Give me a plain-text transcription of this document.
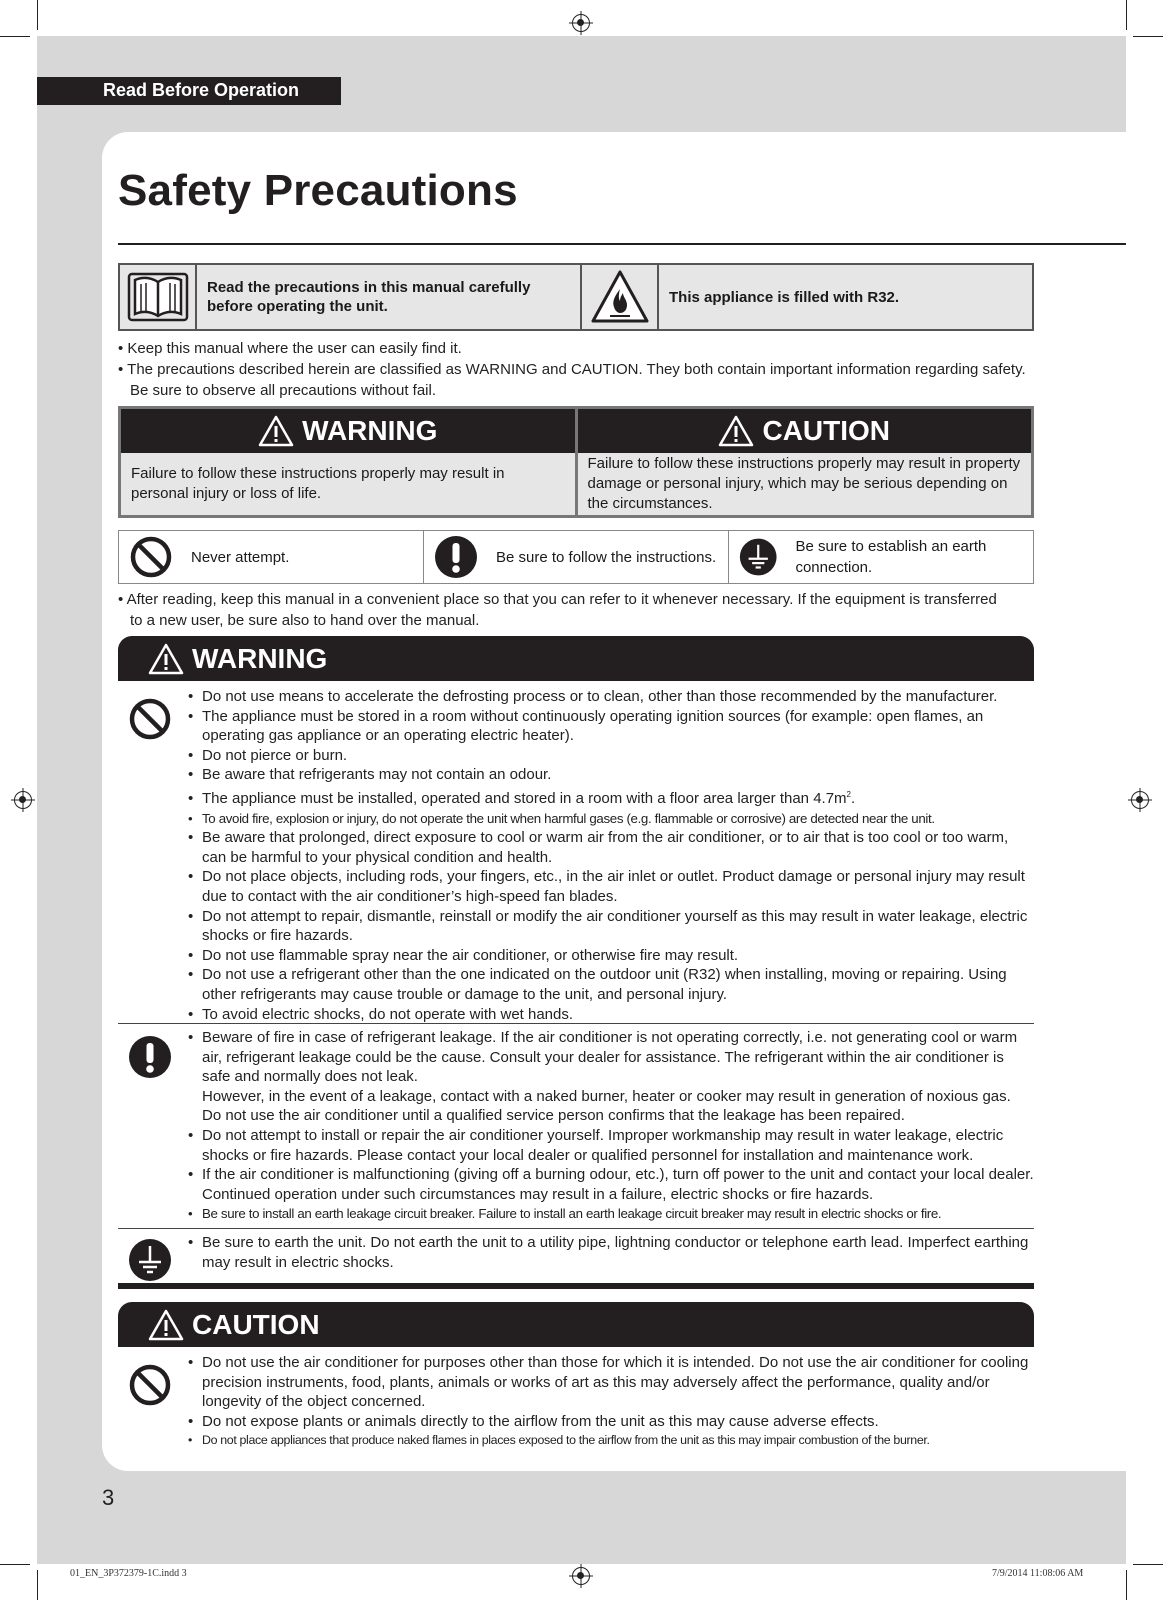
Read Before Operation
Safety Precautions
Read the precautions in this manual carefully before operating the unit.
This appliance is filled with R32.
• Keep this manual where the user can easily find it.
• The precautions described herein are classified as WARNING and CAUTION. They both contain important information regarding safety. Be sure to observe all precautions without fail.
WARNING
Failure to follow these instructions properly may result in personal injury or loss of life.
CAUTION
Failure to follow these instructions properly may result in property damage or personal injury, which may be serious depending on the circumstances.
Never attempt.	Be sure to follow the instructions.
Be sure to establish an earth connection.
• After reading, keep this manual in a convenient place so that you can refer to it whenever necessary. If the equipment is transferred to a new user, be sure also to hand over the manual.
WARNING
• Do not use means to accelerate the defrosting process or to clean, other than those recommended by the manufacturer.
• The appliance must be stored in a room without continuously operating ignition sources (for example: open flames, an operating gas appliance or an operating electric heater).
• Do not pierce or burn.
• Be aware that refrigerants may not contain an odour.
• The appliance must be installed, operated and stored in a room with a floor area larger than $4.7m^2$.
• To avoid fire, explosion or injury, do not operate the unit when harmful gases (e.g. flammable or corrosive) are detected near the unit.
• Be aware that prolonged, direct exposure to cool or warm air from the air conditioner, or to air that is too cool or too warm, can be harmful to your physical condition and health.
• Do not place objects, including rods, your fingers, etc., in the air inlet or outlet. Product damage or personal injury may result due to contact with the air conditioner’s high-speed fan blades.
• Do not attempt to repair, dismantle, reinstall or modify the air conditioner yourself as this may result in water leakage, electric shocks or fire hazards.
• Do not use flammable spray near the air conditioner, or otherwise fire may result.
• Do not use a refrigerant other than the one indicated on the outdoor unit (R32) when installing, moving or repairing. Using other refrigerants may cause trouble or damage to the unit, and personal injury.
• To avoid electric shocks, do not operate with wet hands.
• Beware of fire in case of refrigerant leakage. If the air conditioner is not operating correctly, i.e. not generating cool or warm air, refrigerant leakage could be the cause. Consult your dealer for assistance. The refrigerant within the air conditioner is safe and normally does not leak.

However, in the event of a leakage, contact with a naked burner, heater or cooker may result in generation of noxious gas. Do not use the air conditioner until a qualified service person confirms that the leakage has been repaired.

• Do not attempt to install or repair the air conditioner yourself. Improper workmanship may result in water leakage, electric shocks or fire hazards. Please contact your local dealer or qualified personnel for installation and maintenance work.
• If the air conditioner is malfunctioning (giving off a burning odour, etc.), turn off power to the unit and contact your local dealer. Continued operation under such circumstances may result in a failure, electric shocks or fire hazards.
• Be sure to install an earth leakage circuit breaker. Failure to install an earth leakage circuit breaker may result in electric shocks or fire.
• Be sure to earth the unit. Do not earth the unit to a utility pipe, lightning conductor or telephone earth lead. Imperfect earthing may result in electric shocks.
CAUTION
• Do not use the air conditioner for purposes other than those for which it is intended. Do not use the air conditioner for cooling precision instruments, food, plants, animals or works of art as this may adversely affect the performance, quality and/or longevity of the object concerned.
• Do not expose plants or animals directly to the airflow from the unit as this may cause adverse effects.
• Do not place appliances that produce naked flames in places exposed to the airflow from the unit as this may impair combustion of the burner.
3
01_EN_3P372379-1C.indd 3	7/9/2014 11:08:06 AM
